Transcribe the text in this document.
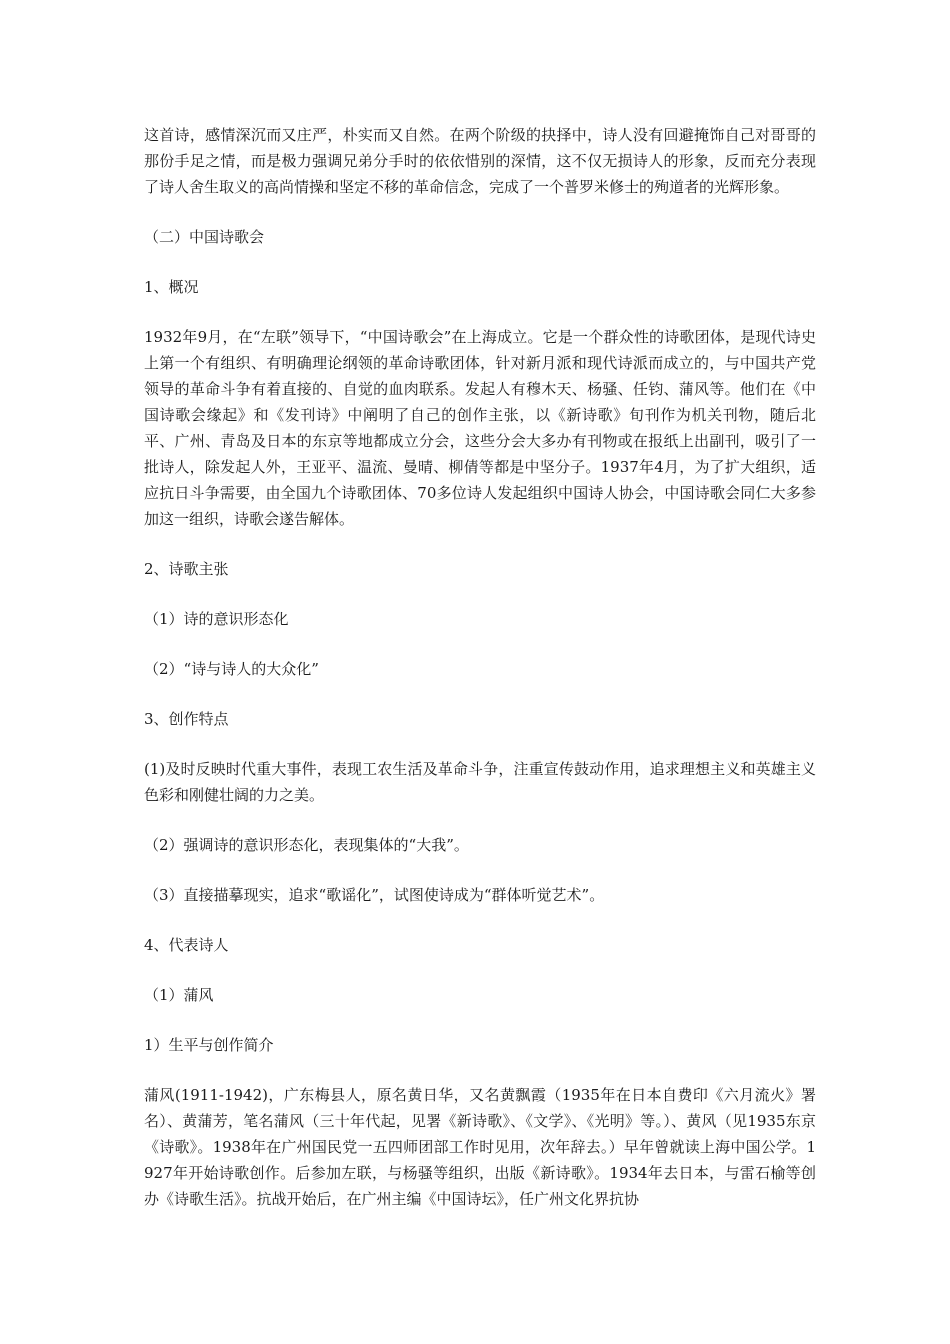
这首诗，感情深沉而又庄严，朴实而又自然。在两个阶级的抉择中，诗人没有回避掩饰自己对哥哥的那份手足之情，而是极力强调兄弟分手时的依依惜别的深情，这不仅无损诗人的形象，反而充分表现了诗人舍生取义的高尚情操和坚定不移的革命信念，完成了一个普罗米修士的殉道者的光辉形象。

（二）中国诗歌会

1、概况

1932年9月，在“左联”领导下，“中国诗歌会”在上海成立。它是一个群众性的诗歌团体，是现代诗史上第一个有组织、有明确理论纲领的革命诗歌团体，针对新月派和现代诗派而成立的，与中国共产党领导的革命斗争有着直接的、自觉的血肉联系。发起人有穆木天、杨骚、任钧、蒲风等。他们在《中国诗歌会缘起》和《发刊诗》中阐明了自己的创作主张，以《新诗歌》旬刊作为机关刊物，随后北平、广州、青岛及日本的东京等地都成立分会，这些分会大多办有刊物或在报纸上出副刊，吸引了一批诗人，除发起人外，王亚平、温流、曼晴、柳倩等都是中坚分子。1937年4月，为了扩大组织，适应抗日斗争需要，由全国九个诗歌团体、70多位诗人发起组织中国诗人协会，中国诗歌会同仁大多参加这一组织，诗歌会遂告解体。

2、诗歌主张

（1）诗的意识形态化

（2）“诗与诗人的大众化”

3、创作特点

(1)及时反映时代重大事件，表现工农生活及革命斗争，注重宣传鼓动作用，追求理想主义和英雄主义色彩和刚健壮阔的力之美。

（2）强调诗的意识形态化，表现集体的“大我”。

（3）直接描摹现实，追求“歌谣化”，试图使诗成为“群体听觉艺术”。

4、代表诗人

（1）蒲风

1）生平与创作简介

蒲风(1911-1942)，广东梅县人，原名黄日华，又名黄飘霞（1935年在日本自费印《六月流火》署名）、黄蒲芳，笔名蒲风（三十年代起，见署《新诗歌》、《文学》、《光明》等。）、黄风（见1935东京《诗歌》。1938年在广州国民党一五四师团部工作时见用，次年辞去。）早年曾就读上海中国公学。1927年开始诗歌创作。后参加左联，与杨骚等组织，出版《新诗歌》。1934年去日本，与雷石榆等创办《诗歌生活》。抗战开始后，在广州主编《中国诗坛》，任广州文化界抗协
